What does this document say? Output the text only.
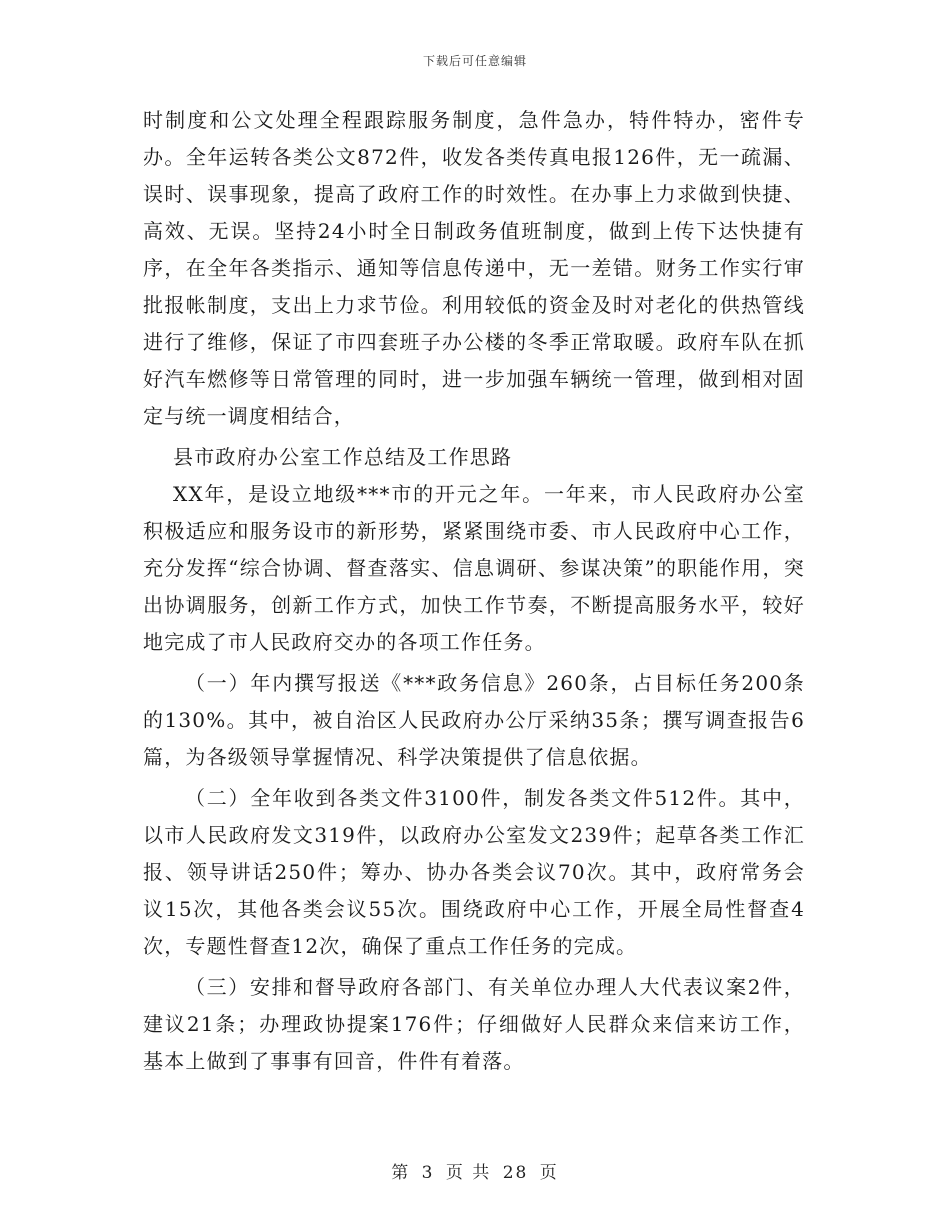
下载后可任意编辑

时制度和公文处理全程跟踪服务制度，急件急办，特件特办，密件专办。全年运转各类公文872件，收发各类传真电报126件，无一疏漏、误时、误事现象，提高了政府工作的时效性。在办事上力求做到快捷、高效、无误。坚持24小时全日制政务值班制度，做到上传下达快捷有序，在全年各类指示、通知等信息传递中，无一差错。财务工作实行审批报帐制度，支出上力求节俭。利用较低的资金及时对老化的供热管线进行了维修，保证了市四套班子办公楼的冬季正常取暖。政府车队在抓好汽车燃修等日常管理的同时，进一步加强车辆统一管理，做到相对固定与统一调度相结合，

县市政府办公室工作总结及工作思路

XX年，是设立地级***市的开元之年。一年来，市人民政府办公室积极适应和服务设市的新形势，紧紧围绕市委、市人民政府中心工作，充分发挥“综合协调、督查落实、信息调研、参谋决策”的职能作用，突出协调服务，创新工作方式，加快工作节奏，不断提高服务水平，较好地完成了市人民政府交办的各项工作任务。

（一）年内撰写报送《***政务信息》260条，占目标任务200条的130%。其中，被自治区人民政府办公厅采纳35条；撰写调查报告6篇，为各级领导掌握情况、科学决策提供了信息依据。

（二）全年收到各类文件3100件，制发各类文件512件。其中，以市人民政府发文319件，以政府办公室发文239件；起草各类工作汇报、领导讲话250件；筹办、协办各类会议70次。其中，政府常务会议15次，其他各类会议55次。围绕政府中心工作，开展全局性督查4次，专题性督查12次，确保了重点工作任务的完成。

（三）安排和督导政府各部门、有关单位办理人大代表议案2件，建议21条；办理政协提案176件；仔细做好人民群众来信来访工作，基本上做到了事事有回音，件件有着落。

第 3 页 共 28 页
